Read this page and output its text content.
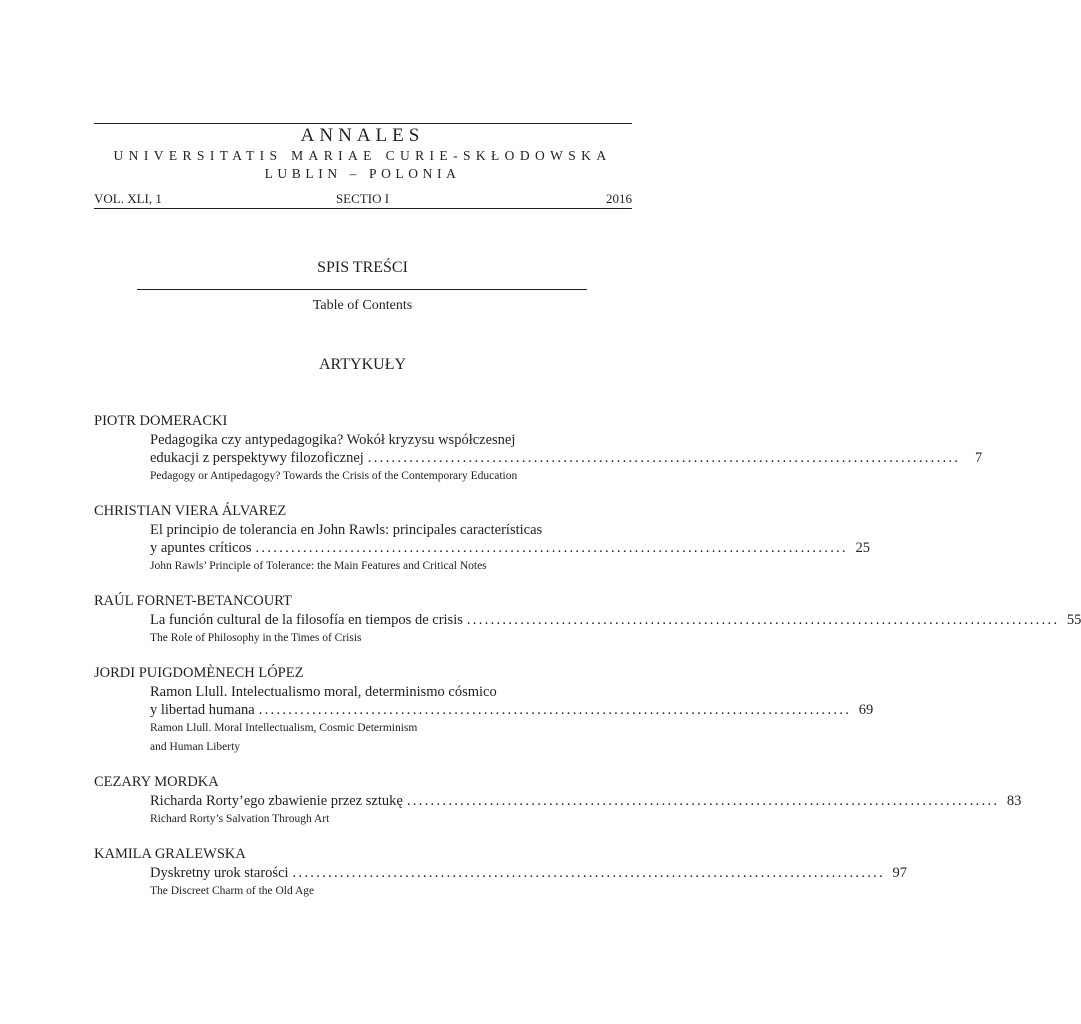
ANNALES
UNIVERSITATIS MARIAE CURIE-SKŁODOWSKA
LUBLIN – POLONIA
VOL. XLI, 1	SECTIO I	2016
SPIS TREŚCI
Table of Contents
ARTYKUŁY
PIOTR DOMERACKI
Pedagogika czy antypedagogika? Wokół kryzysu współczesnej
edukacji z perspektywy filozoficznej ....................................................................................................	7
Pedagogy or Antipedagogy? Towards the Crisis of the Contemporary Education
CHRISTIAN VIERA ÁLVAREZ
El principio de tolerancia en John Rawls: principales características
y apuntes críticos .................................................................................................... 25
John Rawls’ Principle of Tolerance: the Main Features and Critical Notes
RAÚL FORNET-BETANCOURT
La función cultural de la filosofía en tiempos de crisis .................................................................................................... 55
The Role of Philosophy in the Times of Crisis
JORDI PUIGDOMÈNECH LÓPEZ
Ramon Llull. Intelectualismo moral, determinismo cósmico
y libertad humana .................................................................................................... 69
Ramon Llull. Moral Intellectualism, Cosmic Determinism
and Human Liberty
CEZARY MORDKA
Richarda Rorty’ego zbawienie przez sztukę .................................................................................................... 83
Richard Rorty’s Salvation Through Art
KAMILA GRALEWSKA
Dyskretny urok starości .................................................................................................... 97
The Discreet Charm of the Old Age
